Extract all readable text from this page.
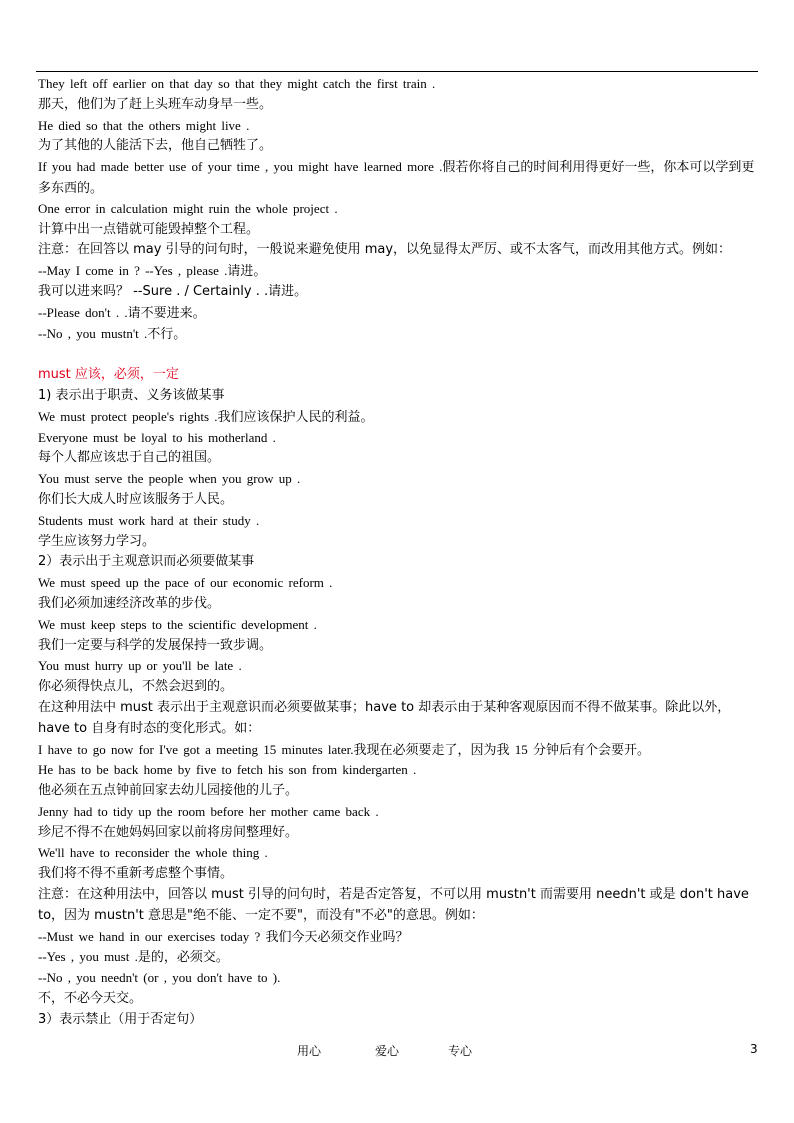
They left off earlier on that day so that they might catch the first train .
那天，他们为了赶上头班车动身早一些。
He died so that the others might live .
为了其他的人能活下去，他自己牺牲了。
If you had made better use of your time , you might have learned more .假若你将自己的时间利用得更好一些，你本可以学到更多东西的。
One error in calculation might ruin the whole project .
计算中出一点错就可能毁掉整个工程。
注意：在回答以 may 引导的问句时，一般说来避免使用 may，以免显得太严厉、或不太客气，而改用其他方式。例如：
--May I come in ? --Yes , please .请进。
我可以进来吗？ --Sure . / Certainly . .请进。
--Please don't . .请不要进来。
--No , you mustn't .不行。
must 应该，必须，一定
1) 表示出于职责、义务该做某事
We must protect people's rights .我们应该保护人民的利益。
Everyone must be loyal to his motherland .
每个人都应该忠于自己的祖国。
You must serve the people when you grow up .
你们长大成人时应该服务于人民。
Students must work hard at their study .
学生应该努力学习。
2）表示出于主观意识而必须要做某事
We must speed up the pace of our economic reform .
我们必须加速经济改革的步伐。
We must keep steps to the scientific development .
我们一定要与科学的发展保持一致步调。
You must hurry up or you'll be late .
你必须得快点儿，不然会迟到的。
在这种用法中 must 表示出于主观意识而必须要做某事；have to 却表示由于某种客观原因而不得不做某事。除此以外，have to 自身有时态的变化形式。如：
I have to go now for I've got a meeting 15 minutes later.我现在必须要走了，因为我 15 分钟后有个会要开。
He has to be back home by five to fetch his son from kindergarten .
他必须在五点钟前回家去幼儿园接他的儿子。
Jenny had to tidy up the room before her mother came back .
珍尼不得不在她妈妈回家以前将房间整理好。
We'll have to reconsider the whole thing .
我们将不得不重新考虑整个事情。
注意：在这种用法中，回答以 must 引导的问句时，若是否定答复，不可以用 mustn't 而需要用 needn't 或是 don't have to，因为 mustn't 意思是"绝不能、一定不要"，而没有"不必"的意思。例如：
--Must we hand in our exercises today ? 我们今天必须交作业吗？
--Yes , you must .是的，必须交。
--No , you needn't (or , you don't have to ).
不，不必今天交。
3）表示禁止（用于否定句）
用心	爱心	专心	3
